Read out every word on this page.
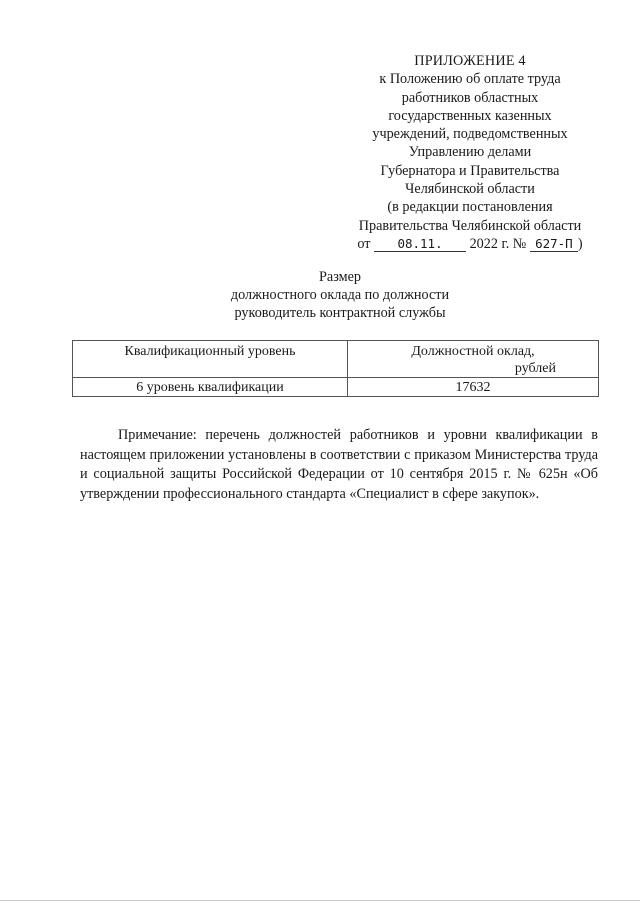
ПРИЛОЖЕНИЕ 4
к Положению об оплате труда
работников областных
государственных казенных
учреждений, подведомственных
Управлению делами
Губернатора и Правительства
Челябинской области
(в редакции постановления
Правительства Челябинской области
от 08.11. 2022 г. № 627-П )
Размер
должностного оклада по должности
руководитель контрактной службы
Квалификационный уровень	Должностной оклад,
рублей

6 уровень квалификации	17632

Примечание: перечень должностей работников и уровни квалификации в настоящем приложении установлены в соответствии с приказом Министерства труда и социальной защиты Российской Федерации от 10 сентября 2015 г. № 625н «Об утверждении профессионального стандарта «Специалист в сфере закупок».
